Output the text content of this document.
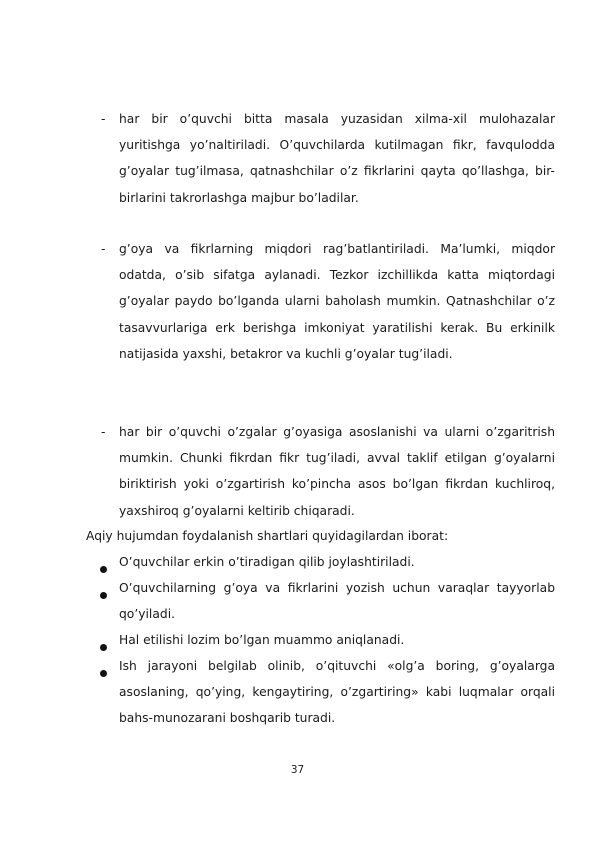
- har bir o’quvchi bitta masala yuzasidan xilma-xil mulohazalar yuritishga yo’naltiriladi. O’quvchilarda kutilmagan fikr, favqulodda g’oyalar tug’ilmasa, qatnashchilar o’z fikrlarini qayta qo’llashga, bir-birlarini takrorlashga majbur bo’ladilar.

- g’oya va fikrlarning miqdori rag’batlantiriladi. Ma’lumki, miqdor odatda, o’sib sifatga aylanadi. Tezkor izchillikda katta miqtordagi g’oyalar paydo bo’lganda ularni baholash mumkin. Qatnashchilar o’z tasavvurlariga erk berishga imkoniyat yaratilishi kerak. Bu erkinilk natijasida yaxshi, betakror va kuchli g’oyalar tug’iladi.

- har bir o’quvchi o’zgalar g’oyasiga asoslanishi va ularni o’zgaritrish mumkin. Chunki fikrdan fikr tug’iladi, avval taklif etilgan g’oyalarni biriktirish yoki o’zgartirish ko’pincha asos bo’lgan fikrdan kuchliroq, yaxshiroq g’oyalarni keltirib chiqaradi.

Aqiy hujumdan foydalanish shartlari quyidagilardan iborat:

O’quvchilar erkin o’tiradigan qilib joylashtiriladi.

O’quvchilarning g’oya va fikrlarini yozish uchun varaqlar tayyorlab qo’yiladi.

Hal etilishi lozim bo’lgan muammo aniqlanadi.

Ish jarayoni belgilab olinib, o’qituvchi «olg’a boring, g’oyalarga asoslaning, qo’ying, kengaytiring, o’zgartiring» kabi luqmalar orqali bahs-munozarani boshqarib turadi.

37
